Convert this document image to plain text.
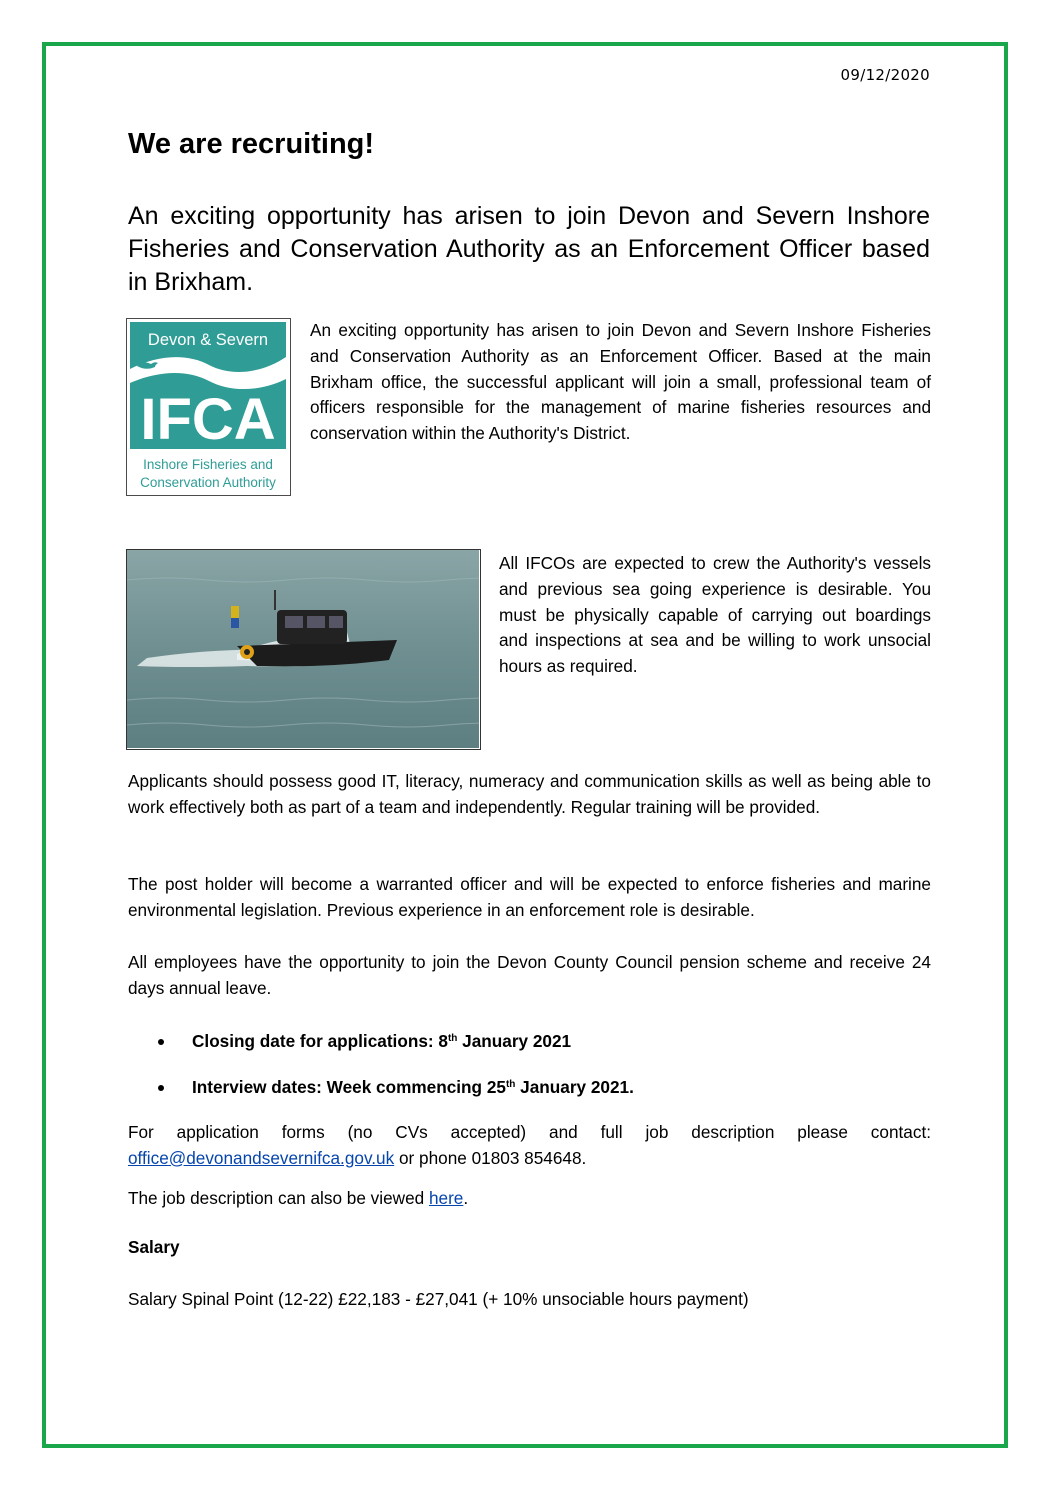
09/12/2020
We are recruiting!

An exciting opportunity has arisen to join Devon and Severn Inshore Fisheries and Conservation Authority as an Enforcement Officer based in Brixham.

Devon & Severn
IFCA
Inshore Fisheries and
Conservation Authority

An exciting opportunity has arisen to join Devon and Severn Inshore Fisheries and Conservation Authority as an Enforcement Officer. Based at the main Brixham office, the successful applicant will join a small, professional team of officers responsible for the management of marine fisheries resources and conservation within the Authority's District.

All IFCOs are expected to crew the Authority's vessels and previous sea going experience is desirable. You must be physically capable of carrying out boardings and inspections at sea and be willing to work unsocial hours as required.

Applicants should possess good IT, literacy, numeracy and communication skills as well as being able to work effectively both as part of a team and independently. Regular training will be provided.

The post holder will become a warranted officer and will be expected to enforce fisheries and marine environmental legislation. Previous experience in an enforcement role is desirable.

All employees have the opportunity to join the Devon County Council pension scheme and receive 24 days annual leave.

Closing date for applications: 8th January 2021
Interview dates: Week commencing 25th January 2021.

For application forms (no CVs accepted) and full job description please contact:
office@devonandsevernifca.gov.uk or phone 01803 854648.

The job description can also be viewed here.

Salary
Salary Spinal Point (12-22) £22,183 - £27,041 (+ 10% unsociable hours payment)
